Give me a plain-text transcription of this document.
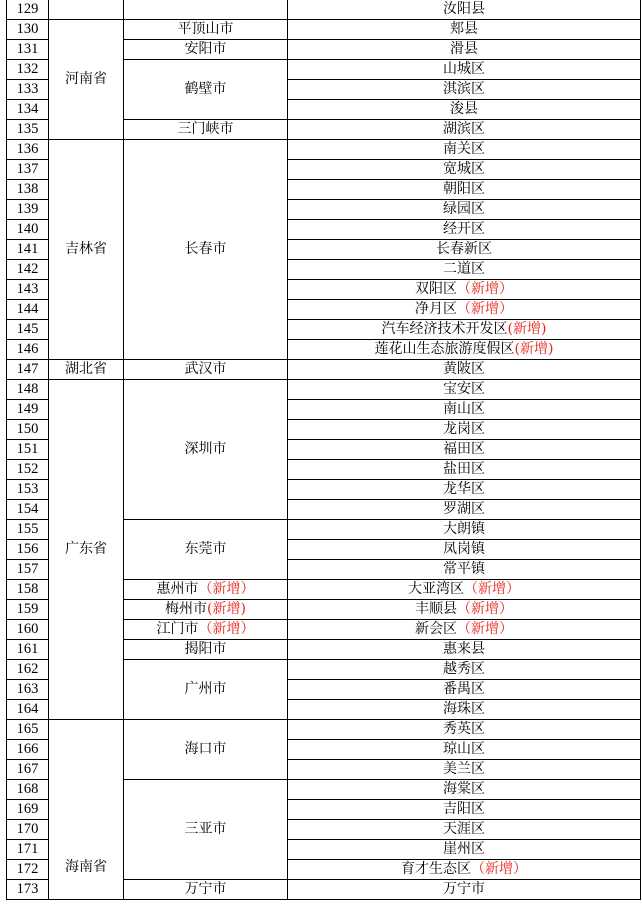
129			汝阳县
130	河南省	平顶山市	郏县
131		安阳市	滑县
132		鹤壁市	山城区
133			淇滨区
134			浚县
135		三门峡市	湖滨区
136	吉林省	长春市	南关区
137			宽城区
138			朝阳区
139			绿园区
140			经开区
141			长春新区
142			二道区
143			双阳区（新增）
144			净月区（新增）
145			汽车经济技术开发区(新增)
146			莲花山生态旅游度假区(新增)
147	湖北省	武汉市	黄陂区
148	广东省	深圳市	宝安区
149			南山区
150			龙岗区
151			福田区
152			盐田区
153			龙华区
154			罗湖区
155		东莞市	大朗镇
156			凤岗镇
157			常平镇
158		惠州市（新增）	大亚湾区（新增）
159		梅州市(新增)	丰顺县（新增）
160		江门市（新增）	新会区（新增）
161		揭阳市	惠来县
162		广州市	越秀区
163			番禺区
164			海珠区
165	海南省	海口市	秀英区
166			琼山区
167			美兰区
168		三亚市	海棠区
169			吉阳区
170			天涯区
171			崖州区
172			育才生态区（新增）
173		万宁市	万宁市
